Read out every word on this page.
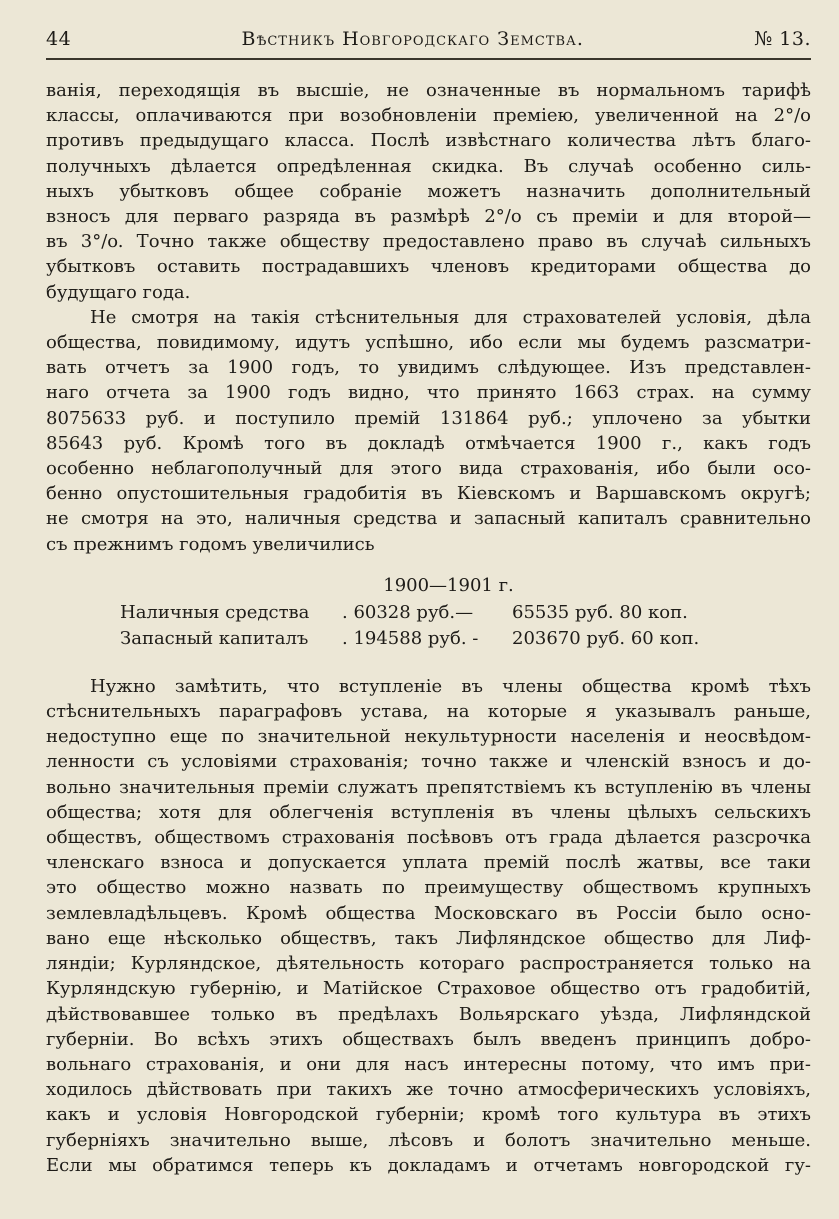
44	Вѣстникъ Новгородскаго Земства.	№ 13.

ванія, переходящія въ высшіе, не означенные въ нормальномъ тарифѣ

классы, оплачиваются при возобновленіи преміею, увеличенной на 2°/o

противъ предыдущаго класса. Послѣ извѣстнаго количества лѣтъ благо-

получныхъ дѣлается опредѣленная скидка. Въ случаѣ особенно силь-

ныхъ убытковъ общее собраніе можетъ назначить дополнительный

взносъ для перваго разряда въ размѣрѣ 2°/o съ преміи и для второй—

въ 3°/o. Точно также обществу предоставлено право въ случаѣ сильныхъ

убытковъ оставить пострадавшихъ членовъ кредиторами общества до

будущаго года.

Не смотря на такія стѣснительныя для страхователей условія, дѣла

общества, повидимому, идутъ успѣшно, ибо если мы будемъ разсматри-

вать отчетъ за 1900 годъ, то увидимъ слѣдующее. Изъ представлен-

наго отчета за 1900 годъ видно, что принято 1663 страх. на сумму

8075633 руб. и поступило премій 131864 руб.; уплочено за убытки

85643 руб. Кромѣ того въ докладѣ отмѣчается 1900 г., какъ годъ

особенно неблагополучный для этого вида страхованія, ибо были осо-

бенно опустошительныя градобитія въ Кіевскомъ и Варшавскомъ округѣ;

не смотря на это, наличныя средства и запасный капиталъ сравнительно

съ прежнимъ годомъ увеличились

1900—1901 г.
Наличныя средства	. 60328 руб.—	65535 руб. 80 коп.
Запасный капиталъ	. 194588 руб. -	203670 руб. 60 коп.

Нужно замѣтить, что вступленіе въ члены общества кромѣ тѣхъ

стѣснительныхъ параграфовъ устава, на которые я указывалъ раньше,

недоступно еще по значительной некультурности населенія и неосвѣдом-

ленности съ условіями страхованія; точно также и членскій взносъ и до-

вольно значительныя преміи служатъ препятствіемъ къ вступленію въ члены

общества; хотя для облегченія вступленія въ члены цѣлыхъ сельскихъ

обществъ, обществомъ страхованія посѣвовъ отъ града дѣлается разсрочка

членскаго взноса и допускается уплата премій послѣ жатвы, все таки

это общество можно назвать по преимуществу обществомъ крупныхъ

землевладѣльцевъ. Кромѣ общества Московскаго въ Россіи было осно-

вано еще нѣсколько обществъ, такъ Лифляндское общество для Лиф-

ляндіи; Курляндское, дѣятельность котораго распространяется только на

Курляндскую губернію, и Матійское Страховое общество отъ градобитій,

дѣйствовавшее только въ предѣлахъ Вольярскаго уѣзда, Лифляндской

губерніи. Во всѣхъ этихъ обществахъ былъ введенъ принципъ добро-

вольнаго страхованія, и они для насъ интересны потому, что имъ при-

ходилось дѣйствовать при такихъ же точно атмосферическихъ условіяхъ,

какъ и условія Новгородской губерніи; кромѣ того культура въ этихъ

губерніяхъ значительно выше, лѣсовъ и болотъ значительно меньше.

Если мы обратимся теперь къ докладамъ и отчетамъ новгородской гу-
